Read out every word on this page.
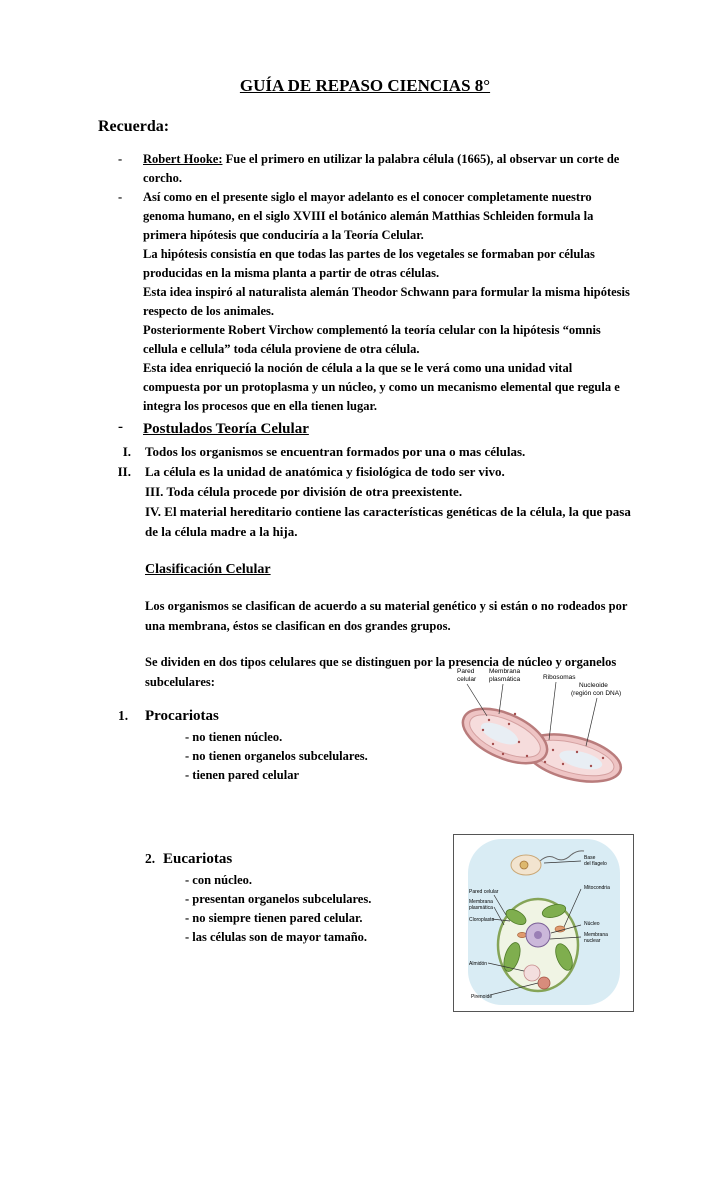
GUÍA DE REPASO CIENCIAS 8°
Recuerda:
-	Robert Hooke: Fue el primero en utilizar la palabra célula (1665), al observar un corte de corcho.

-	Así como en el presente siglo el mayor adelanto es el conocer completamente nuestro genoma humano, en el siglo XVIII el botánico alemán Matthias Schleiden formula la primera hipótesis que conduciría a la Teoría Celular.

La hipótesis consistía en que todas las partes de los vegetales se formaban por células producidas en la misma planta a partir de otras células.

Esta idea inspiró al naturalista alemán Theodor Schwann para formular la misma hipótesis respecto de los animales.

Posteriormente Robert Virchow complementó la teoría celular con la hipótesis “omnis cellula e cellula” toda célula proviene de otra célula.

Esta idea enriqueció la noción de célula a la que se le verá como una unidad vital compuesta por un protoplasma y un núcleo, y como un mecanismo elemental que regula e integra los procesos que en ella tienen lugar.

-	Postulados Teoría Celular
I. Todos los organismos se encuentran formados por una o mas células.
II. La célula es la unidad de anatómica y fisiológica de todo ser vivo.
III. Toda célula procede por división de otra preexistente.
IV. El material hereditario contiene las características genéticas de la célula, la que pasa de la célula madre a la hija.
Clasificación Celular

Los organismos se clasifican de acuerdo a su material genético y si están o no rodeados por una membrana, éstos se clasifican en dos grandes grupos.

Se dividen en dos tipos celulares que se distinguen por la presencia de núcleo y organelos subcelulares:

1.	Procariotas
- no tienen núcleo.
- no tienen organelos subcelulares.
- tienen pared celular
2. Eucariotas
- con núcleo.
- presentan organelos subcelulares.
- no siempre tienen pared celular.
- las células son de mayor tamaño.
Pared
celular
Membrana
plasmática	Ribosomas
Nucleoide
(región con DNA)
Pared celular
Membrana
plasmática
Cloroplasto
Almidón
Pirenoide
Base
del flagelo
Mitocondria
Núcleo
Membrana
nuclear
